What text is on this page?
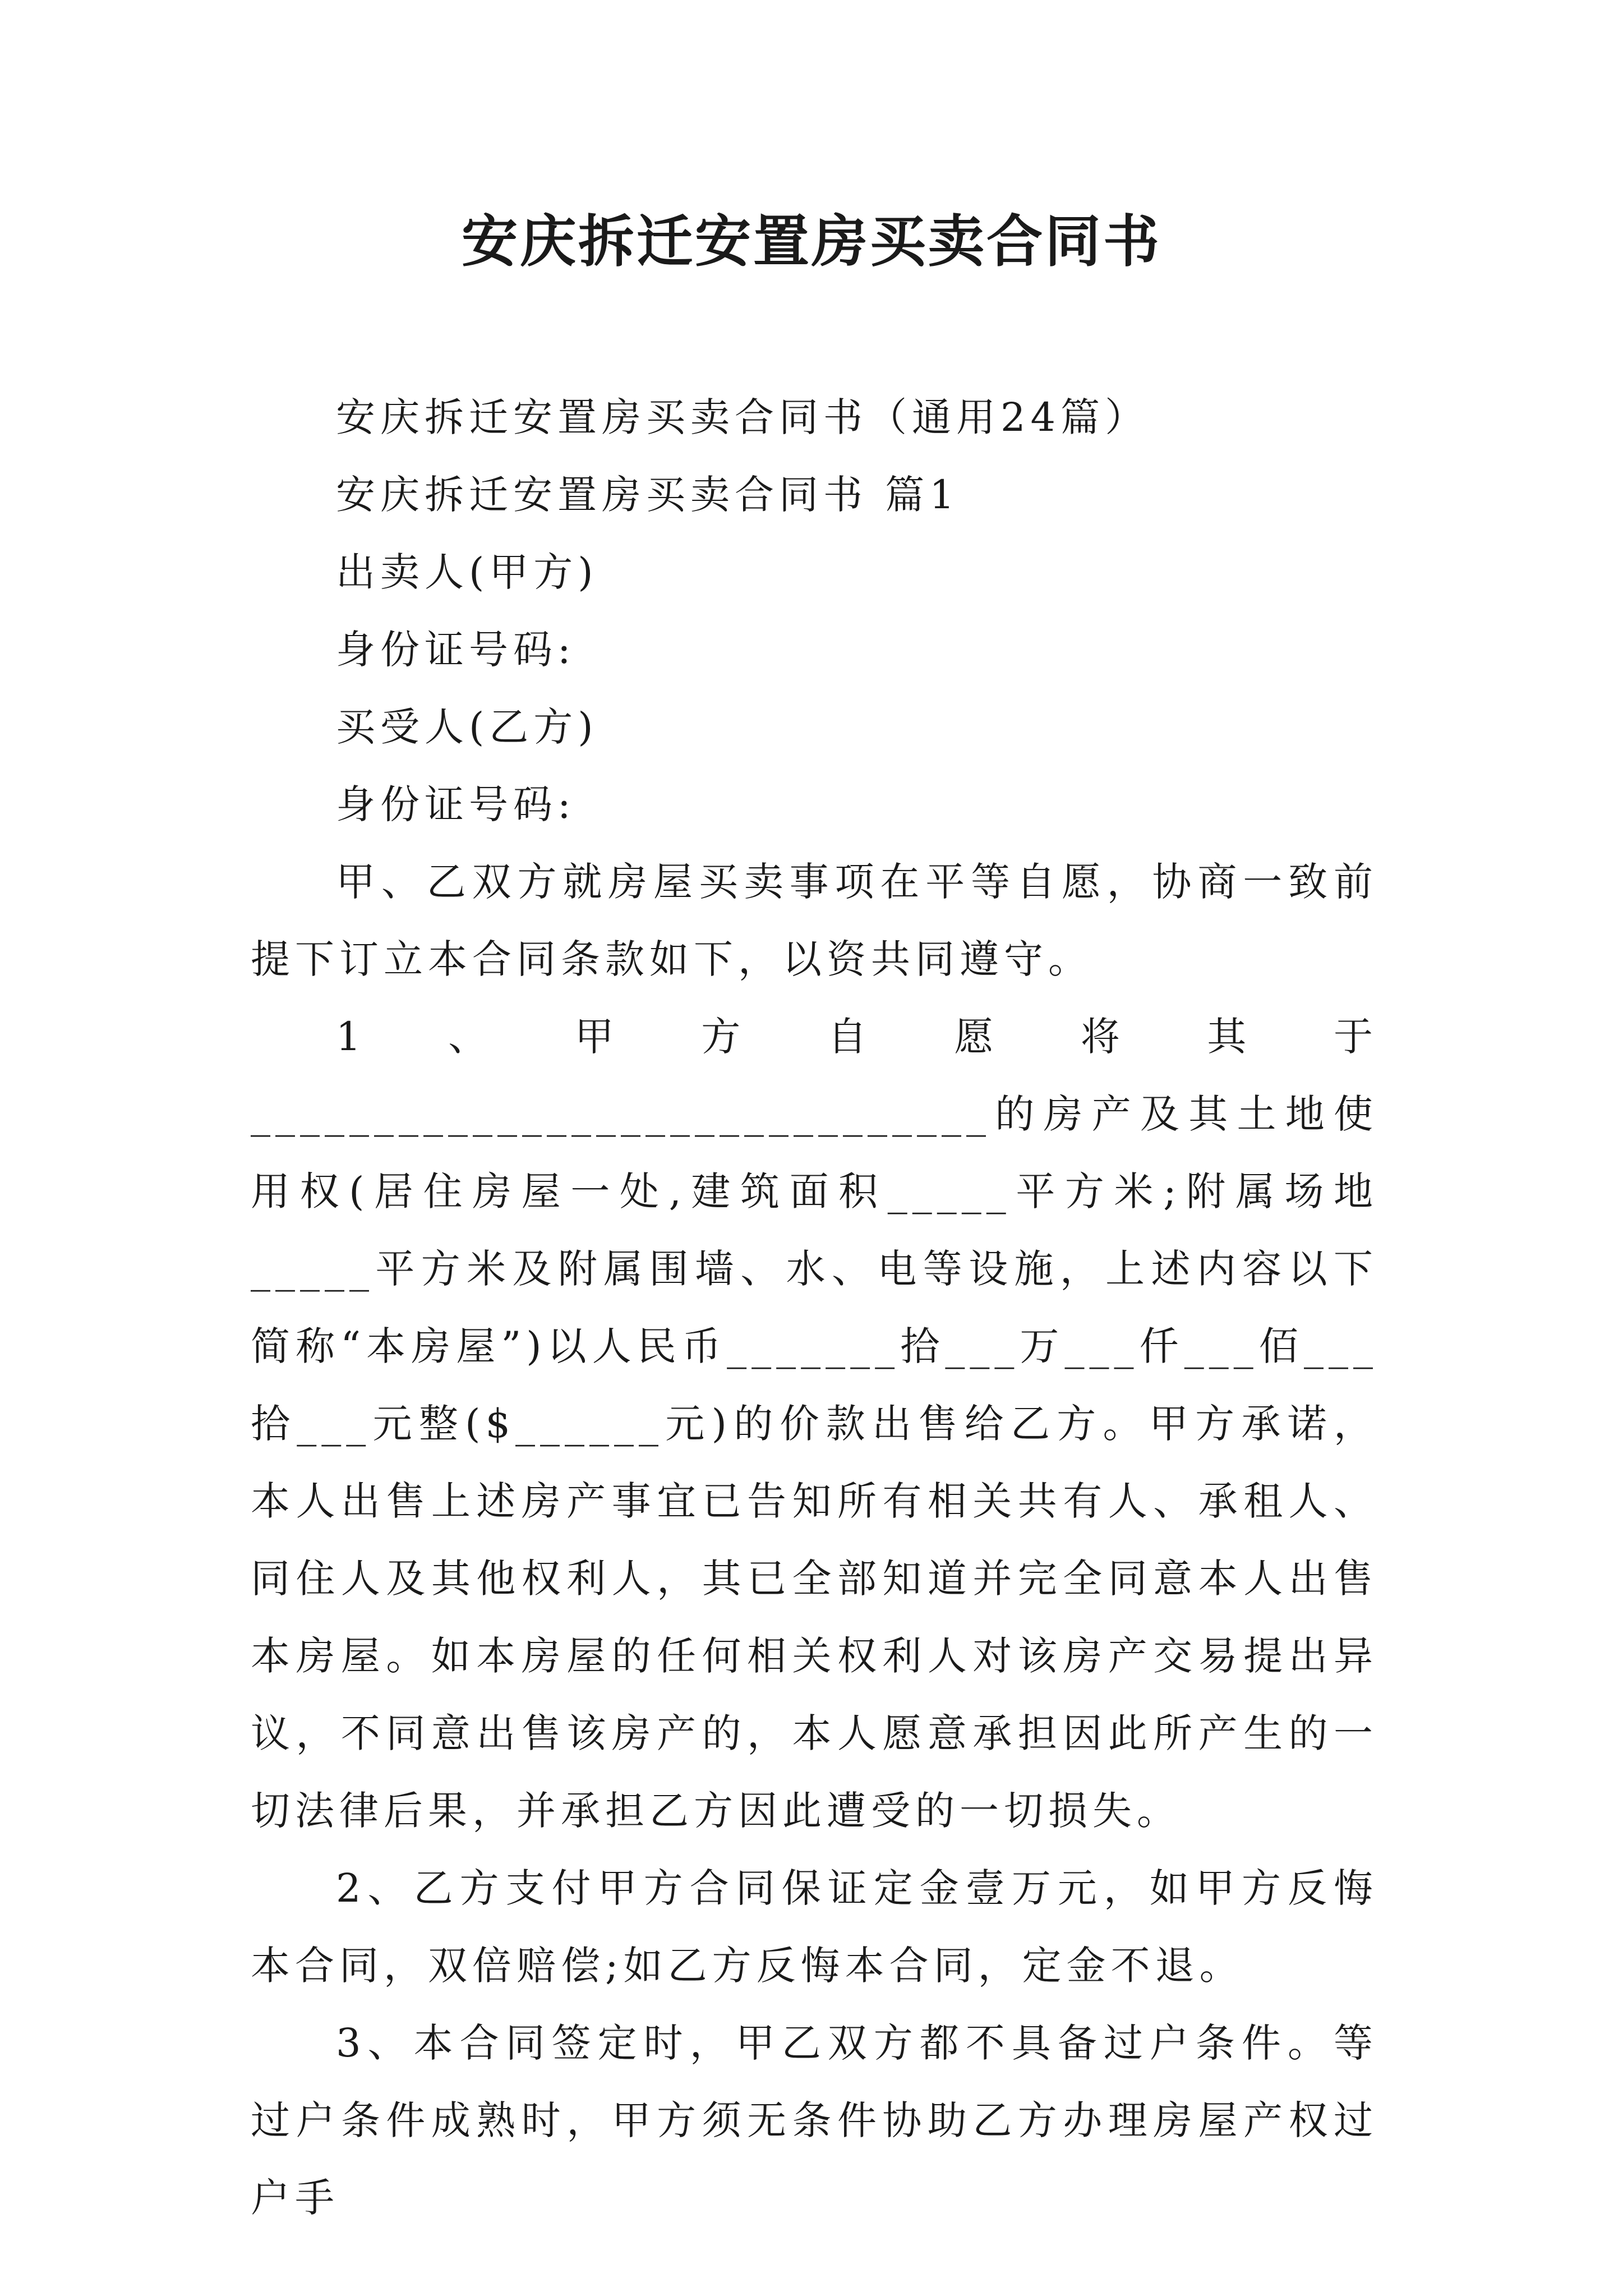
安庆拆迁安置房买卖合同书
安庆拆迁安置房买卖合同书（通用24篇）
安庆拆迁安置房买卖合同书 篇1
出卖人(甲方)
身份证号码:
买受人(乙方)
身份证号码:
甲、乙双方就房屋买卖事项在平等自愿，协商一致前提下订立本合同条款如下，以资共同遵守。
1、甲方自愿将其于______________________________的房产及其土地使用权(居住房屋一处,建筑面积_____平方米;附属场地_____平方米及附属围墙、水、电等设施，上述内容以下简称“本房屋”)以人民币_______拾___万___仟___佰___拾___元整($______元)的价款出售给乙方。甲方承诺，本人出售上述房产事宜已告知所有相关共有人、承租人、同住人及其他权利人，其已全部知道并完全同意本人出售本房屋。如本房屋的任何相关权利人对该房产交易提出异议，不同意出售该房产的，本人愿意承担因此所产生的一切法律后果，并承担乙方因此遭受的一切损失。
2、乙方支付甲方合同保证定金壹万元，如甲方反悔本合同，双倍赔偿;如乙方反悔本合同，定金不退。
3、本合同签定时，甲乙双方都不具备过户条件。等过户条件成熟时，甲方须无条件协助乙方办理房屋产权过户手
